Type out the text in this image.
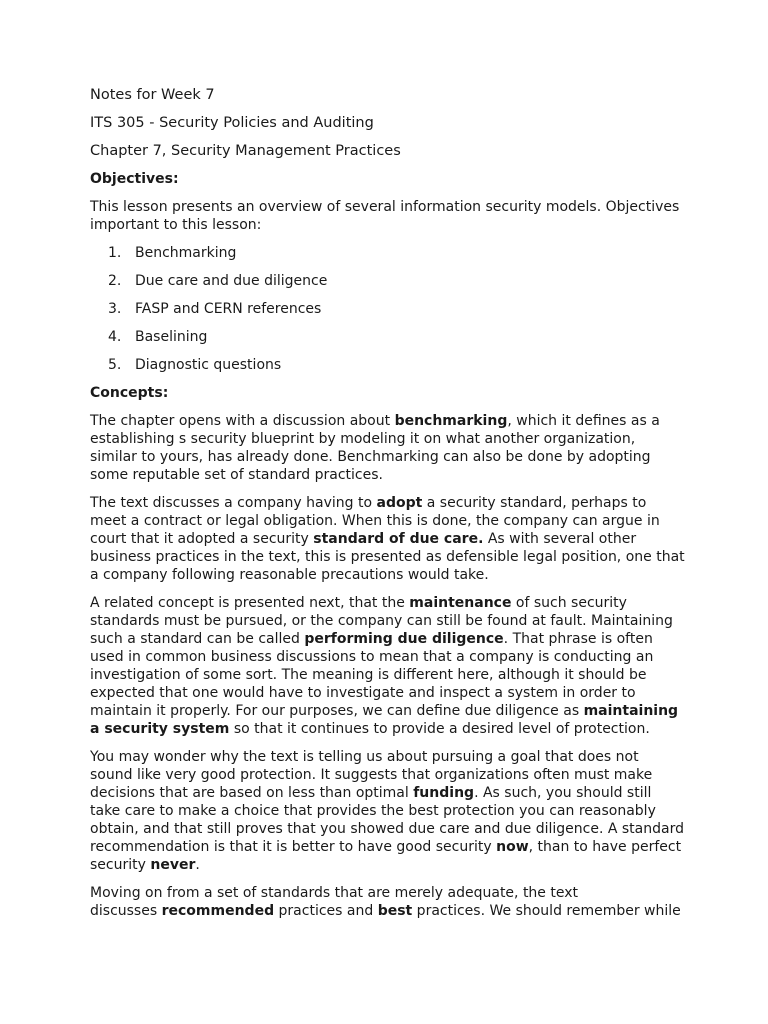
Notes for Week 7
ITS 305 - Security Policies and Auditing
Chapter 7, Security Management Practices
Objectives:

This lesson presents an overview of several information security models. Objectives
important to this lesson:

1. Benchmarking
2. Due care and due diligence
3. FASP and CERN references
4. Baselining
5. Diagnostic questions
Concepts:

The chapter opens with a discussion about benchmarking, which it defines as a
establishing s security blueprint by modeling it on what another organization,
similar to yours, has already done. Benchmarking can also be done by adopting
some reputable set of standard practices.

The text discusses a company having to adopt a security standard, perhaps to
meet a contract or legal obligation. When this is done, the company can argue in
court that it adopted a security standard of due care. As with several other
business practices in the text, this is presented as defensible legal position, one that
a company following reasonable precautions would take.

A related concept is presented next, that the maintenance of such security
standards must be pursued, or the company can still be found at fault. Maintaining
such a standard can be called performing due diligence. That phrase is often
used in common business discussions to mean that a company is conducting an
investigation of some sort. The meaning is different here, although it should be
expected that one would have to investigate and inspect a system in order to
maintain it properly. For our purposes, we can define due diligence as maintaining
a security system so that it continues to provide a desired level of protection.

You may wonder why the text is telling us about pursuing a goal that does not
sound like very good protection. It suggests that organizations often must make
decisions that are based on less than optimal funding. As such, you should still
take care to make a choice that provides the best protection you can reasonably
obtain, and that still proves that you showed due care and due diligence. A standard
recommendation is that it is better to have good security now, than to have perfect
security never.

Moving on from a set of standards that are merely adequate, the text
discusses recommended practices and best practices. We should remember while
